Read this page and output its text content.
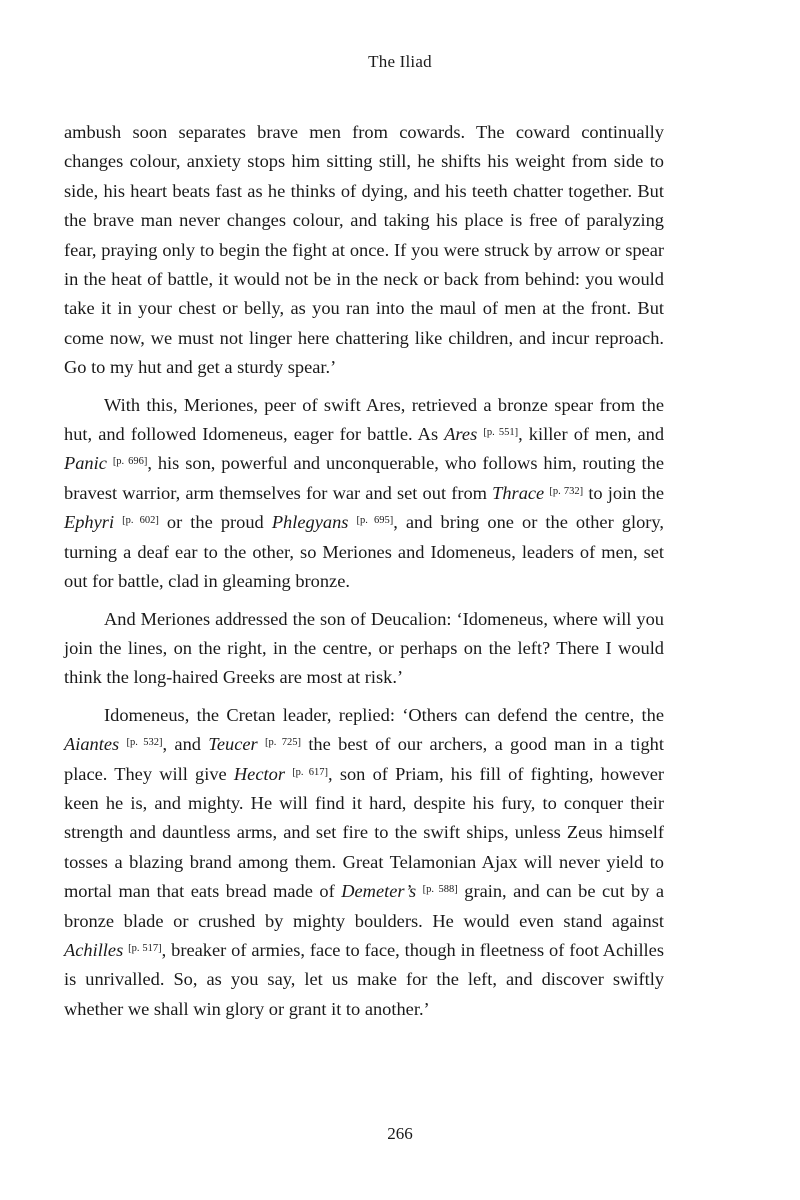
The Iliad

ambush soon separates brave men from cowards. The coward continually changes colour, anxiety stops him sitting still, he shifts his weight from side to side, his heart beats fast as he thinks of dying, and his teeth chatter together. But the brave man never changes colour, and taking his place is free of paralyzing fear, praying only to begin the fight at once. If you were struck by arrow or spear in the heat of battle, it would not be in the neck or back from behind: you would take it in your chest or belly, as you ran into the maul of men at the front. But come now, we must not linger here chattering like children, and incur reproach. Go to my hut and get a sturdy spear.’

With this, Meriones, peer of swift Ares, retrieved a bronze spear from the hut, and followed Idomeneus, eager for battle. As Ares [p. 551], killer of men, and Panic [p. 696], his son, powerful and unconquerable, who follows him, routing the bravest warrior, arm themselves for war and set out from Thrace [p. 732] to join the Ephyri [p. 602] or the proud Phlegyans [p. 695], and bring one or the other glory, turning a deaf ear to the other, so Meriones and Idomeneus, leaders of men, set out for battle, clad in gleaming bronze.

And Meriones addressed the son of Deucalion: ‘Idomeneus, where will you join the lines, on the right, in the centre, or perhaps on the left? There I would think the long-haired Greeks are most at risk.’

Idomeneus, the Cretan leader, replied: ‘Others can defend the centre, the Aiantes [p. 532], and Teucer [p. 725] the best of our archers, a good man in a tight place. They will give Hector [p. 617], son of Priam, his fill of fighting, however keen he is, and mighty. He will find it hard, despite his fury, to conquer their strength and dauntless arms, and set fire to the swift ships, unless Zeus himself tosses a blazing brand among them. Great Telamonian Ajax will never yield to mortal man that eats bread made of Demeter’s [p. 588] grain, and can be cut by a bronze blade or crushed by mighty boulders. He would even stand against Achilles [p. 517], breaker of armies, face to face, though in fleetness of foot Achilles is unrivalled. So, as you say, let us make for the left, and discover swiftly whether we shall win glory or grant it to another.’

266
